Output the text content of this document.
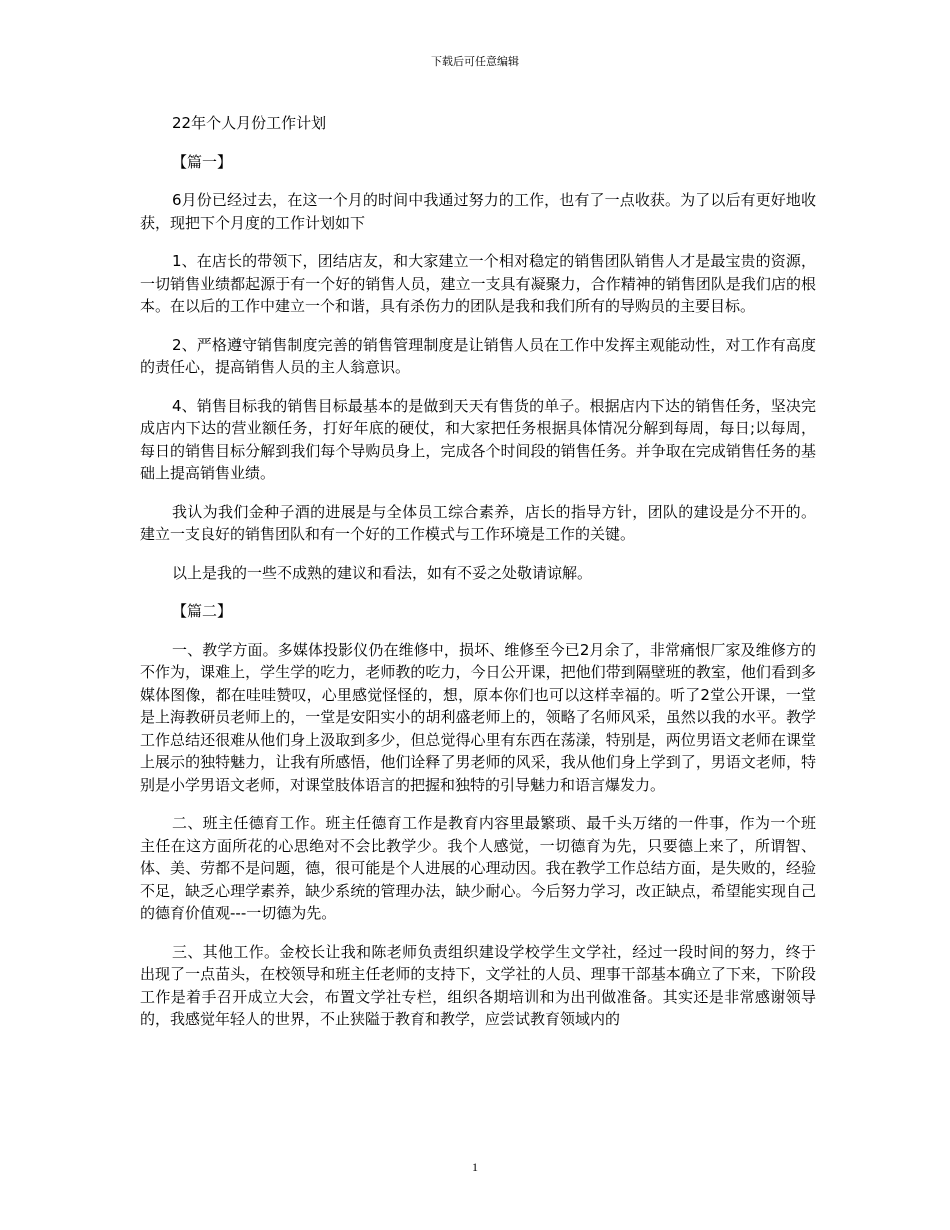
下载后可任意编辑

22年个人月份工作计划

【篇一】

6月份已经过去，在这一个月的时间中我通过努力的工作，也有了一点收获。为了以后有更好地收获，现把下个月度的工作计划如下

1、在店长的带领下，团结店友，和大家建立一个相对稳定的销售团队销售人才是最宝贵的资源，一切销售业绩都起源于有一个好的销售人员，建立一支具有凝聚力，合作精神的销售团队是我们店的根本。在以后的工作中建立一个和谐，具有杀伤力的团队是我和我们所有的导购员的主要目标。

2、严格遵守销售制度完善的销售管理制度是让销售人员在工作中发挥主观能动性，对工作有高度的责任心，提高销售人员的主人翁意识。

4、销售目标我的销售目标最基本的是做到天天有售货的单子。根据店内下达的销售任务，坚决完成店内下达的营业额任务，打好年底的硬仗，和大家把任务根据具体情况分解到每周，每日;以每周，每日的销售目标分解到我们每个导购员身上，完成各个时间段的销售任务。并争取在完成销售任务的基础上提高销售业绩。

我认为我们金种子酒的进展是与全体员工综合素养，店长的指导方针，团队的建设是分不开的。建立一支良好的销售团队和有一个好的工作模式与工作环境是工作的关键。

以上是我的一些不成熟的建议和看法，如有不妥之处敬请谅解。

【篇二】

一、教学方面。多媒体投影仪仍在维修中，损坏、维修至今已2月余了，非常痛恨厂家及维修方的不作为，课难上，学生学的吃力，老师教的吃力，今日公开课，把他们带到隔壁班的教室，他们看到多媒体图像，都在哇哇赞叹，心里感觉怪怪的，想，原本你们也可以这样幸福的。听了2堂公开课，一堂是上海教研员老师上的，一堂是安阳实小的胡利盛老师上的，领略了名师风采，虽然以我的水平。教学工作总结还很难从他们身上汲取到多少，但总觉得心里有东西在荡漾，特别是，两位男语文老师在课堂上展示的独特魅力，让我有所感悟，他们诠释了男老师的风采，我从他们身上学到了，男语文老师，特别是小学男语文老师，对课堂肢体语言的把握和独特的引导魅力和语言爆发力。

二、班主任德育工作。班主任德育工作是教育内容里最繁琐、最千头万绪的一件事，作为一个班主任在这方面所花的心思绝对不会比教学少。我个人感觉，一切德育为先，只要德上来了，所谓智、体、美、劳都不是问题，德，很可能是个人进展的心理动因。我在教学工作总结方面，是失败的，经验不足，缺乏心理学素养，缺少系统的管理办法，缺少耐心。今后努力学习，改正缺点，希望能实现自己的德育价值观---一切德为先。

三、其他工作。金校长让我和陈老师负责组织建设学校学生文学社，经过一段时间的努力，终于出现了一点苗头，在校领导和班主任老师的支持下，文学社的人员、理事干部基本确立了下来，下阶段工作是着手召开成立大会，布置文学社专栏，组织各期培训和为出刊做准备。其实还是非常感谢领导的，我感觉年轻人的世界，不止狭隘于教育和教学，应尝试教育领域内的

1
